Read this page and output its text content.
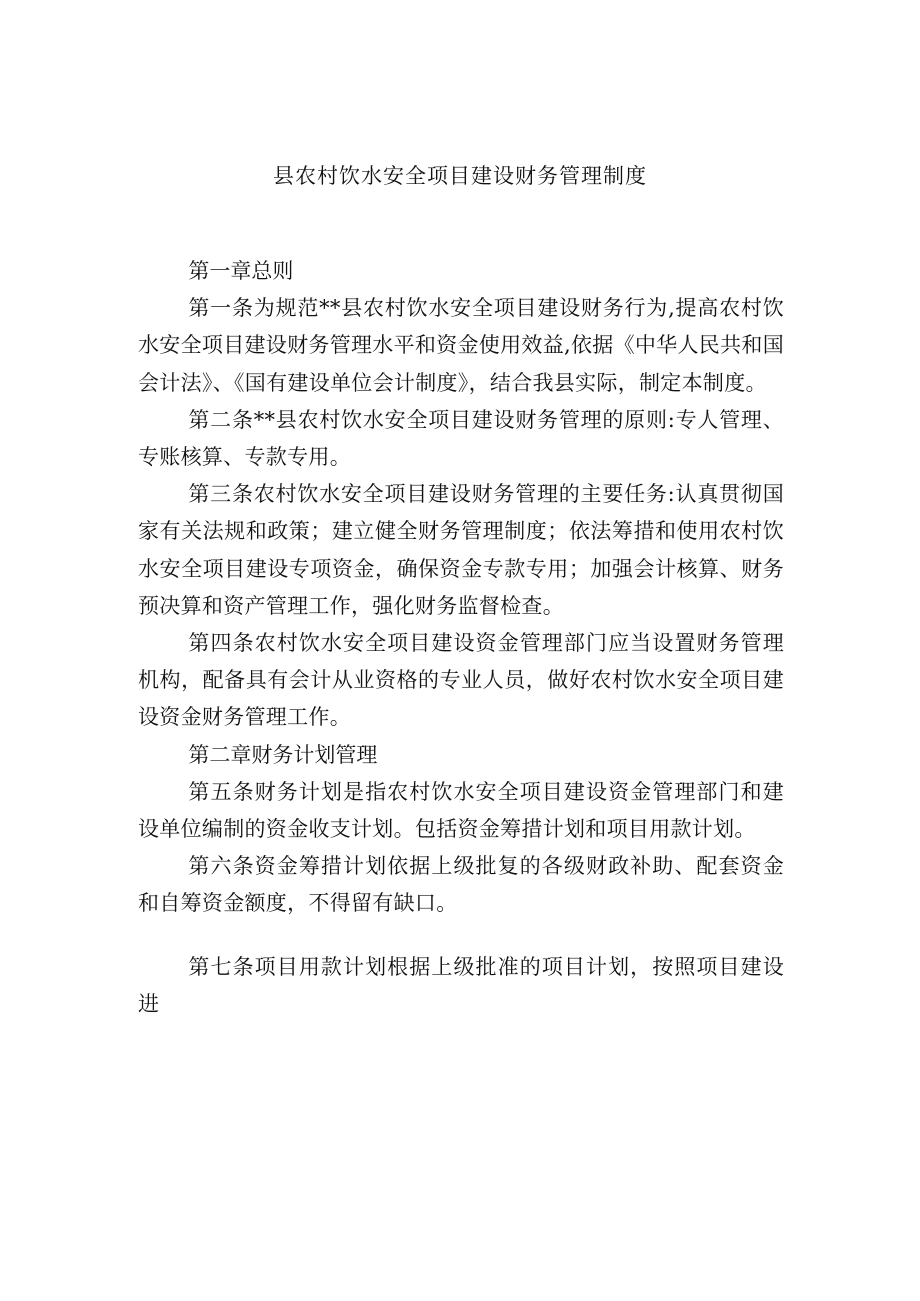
县农村饮水安全项目建设财务管理制度

第一章总则

第一条为规范**县农村饮水安全项目建设财务行为,提高农村饮水安全项目建设财务管理水平和资金使用效益,依据《中华人民共和国会计法》、《国有建设单位会计制度》，结合我县实际，制定本制度。

第二条**县农村饮水安全项目建设财务管理的原则:专人管理、专账核算、专款专用。

第三条农村饮水安全项目建设财务管理的主要任务:认真贯彻国家有关法规和政策；建立健全财务管理制度；依法筹措和使用农村饮水安全项目建设专项资金，确保资金专款专用；加强会计核算、财务预决算和资产管理工作，强化财务监督检查。

第四条农村饮水安全项目建设资金管理部门应当设置财务管理机构，配备具有会计从业资格的专业人员，做好农村饮水安全项目建设资金财务管理工作。

第二章财务计划管理

第五条财务计划是指农村饮水安全项目建设资金管理部门和建设单位编制的资金收支计划。包括资金筹措计划和项目用款计划。

第六条资金筹措计划依据上级批复的各级财政补助、配套资金和自筹资金额度，不得留有缺口。

第七条项目用款计划根据上级批准的项目计划，按照项目建设进
